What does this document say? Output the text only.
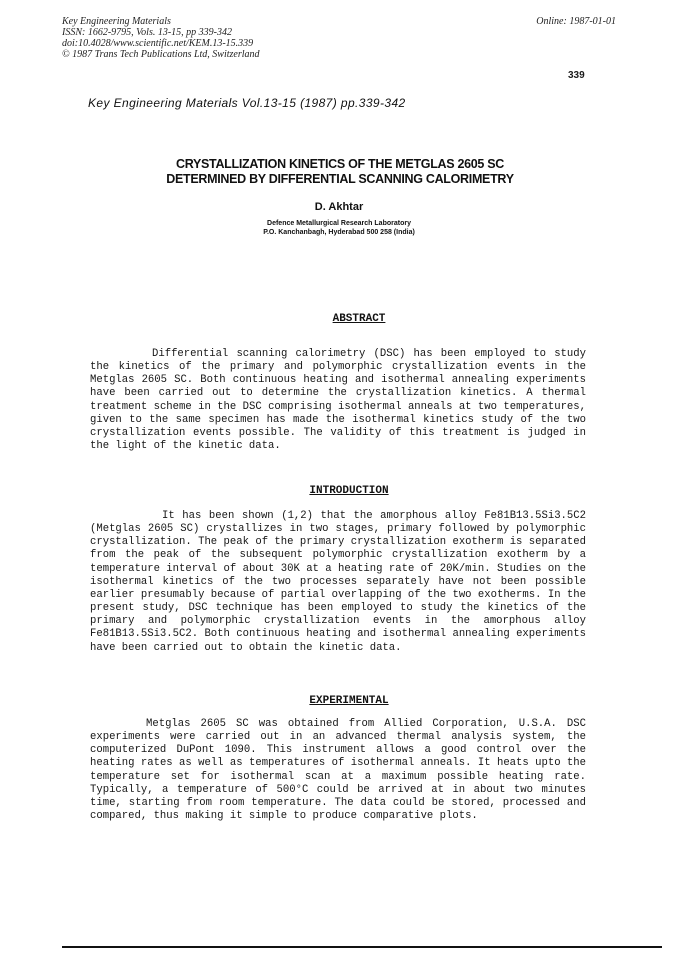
Key Engineering Materials
ISSN: 1662-9795, Vols. 13-15, pp 339-342
doi:10.4028/www.scientific.net/KEM.13-15.339
© 1987 Trans Tech Publications Ltd, Switzerland
Online: 1987-01-01
339
Key Engineering Materials Vol.13-15 (1987) pp.339-342
CRYSTALLIZATION KINETICS OF THE METGLAS 2605 SC
DETERMINED BY DIFFERENTIAL SCANNING CALORIMETRY
D. Akhtar
Defence Metallurgical Research Laboratory
P.O. Kanchanbagh, Hyderabad 500 258 (India)
ABSTRACT
Differential scanning calorimetry (DSC) has been employed to study the kinetics of the primary and polymorphic crystallization events in the Metglas 2605 SC. Both continuous heating and isothermal annealing experiments have been carried out to determine the crystallization kinetics. A thermal treatment scheme in the DSC comprising isothermal anneals at two temperatures, given to the same specimen has made the isothermal kinetics study of the two crystallization events possible. The validity of this treatment is judged in the light of the kinetic data.
INTRODUCTION
It has been shown (1,2) that the amorphous alloy Fe81B13.5Si3.5C2 (Metglas 2605 SC) crystallizes in two stages, primary followed by polymorphic crystallization. The peak of the primary crystallization exotherm is separated from the peak of the subsequent polymorphic crystallization exotherm by a temperature interval of about 30K at a heating rate of 20K/min. Studies on the isothermal kinetics of the two processes separately have not been possible earlier presumably because of partial overlapping of the two exotherms. In the present study, DSC technique has been employed to study the kinetics of the primary and polymorphic crystallization events in the amorphous alloy Fe81B13.5Si3.5C2. Both continuous heating and isothermal annealing experiments have been carried out to obtain the kinetic data.
EXPERIMENTAL
Metglas 2605 SC was obtained from Allied Corporation, U.S.A. DSC experiments were carried out in an advanced thermal analysis system, the computerized DuPont 1090. This instrument allows a good control over the heating rates as well as temperatures of isothermal anneals. It heats upto the temperature set for isothermal scan at a maximum possible heating rate. Typically, a temperature of 500°C could be arrived at in about two minutes time, starting from room temperature. The data could be stored, processed and compared, thus making it simple to produce comparative plots.
